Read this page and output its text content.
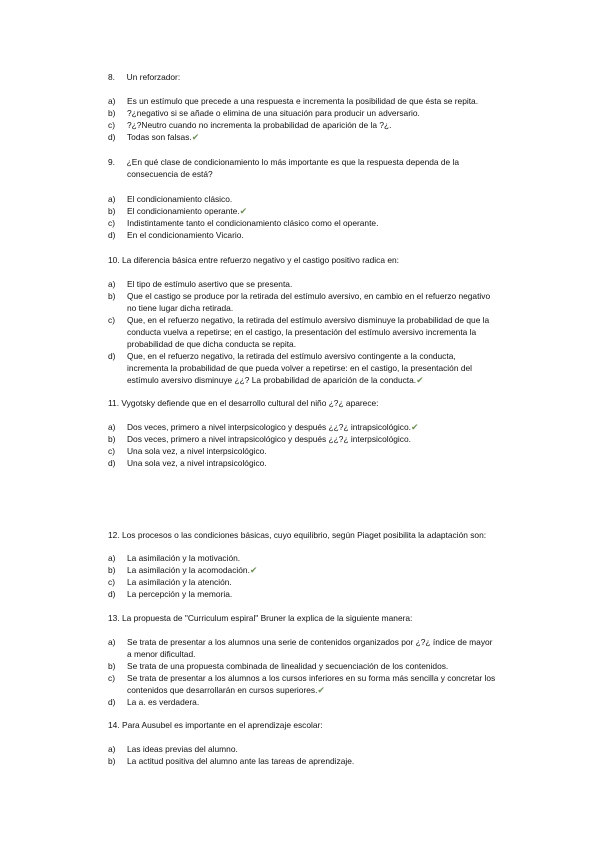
8. Un reforzador:
a) Es un estímulo que precede a una respuesta e incrementa la posibilidad de que ésta se repita.
b) ?¿negativo si se añade o elimina de una situación para producir un adversario.
c) ?¿?Neutro cuando no incrementa la probabilidad de aparición de la ?¿.
d) Todas son falsas.✔
9. ¿En qué clase de condicionamiento lo más importante es que la respuesta dependa de la
consecuencia de está?
a) El condicionamiento clásico.
b) El condicionamiento operante.✔
c) Indistintamente tanto el condicionamiento clásico como el operante.
d) En el condicionamiento Vicario.
10. La diferencia básica entre refuerzo negativo y el castigo positivo radica en:
a) El tipo de estímulo asertivo que se presenta.
b) Que el castigo se produce por la retirada del estímulo aversivo, en cambio en el refuerzo negativo
no tiene lugar dicha retirada.
c) Que, en el refuerzo negativo, la retirada del estímulo aversivo disminuye la probabilidad de que la
conducta vuelva a repetirse; en el castigo, la presentación del estímulo aversivo incrementa la
probabilidad de que dicha conducta se repita.
d) Que, en el refuerzo negativo, la retirada del estímulo aversivo contingente a la conducta,
incrementa la probabilidad de que pueda volver a repetirse: en el castigo, la presentación del
estímulo aversivo disminuye ¿¿? La probabilidad de aparición de la conducta.✔
11. Vygotsky defiende que en el desarrollo cultural del niño ¿?¿ aparece:
a) Dos veces, primero a nivel interpsicologico y después ¿¿?¿ intrapsicológico.✔
b) Dos veces, primero a nivel intrapsicológico y después ¿¿?¿ interpsicológico.
c) Una sola vez, a nivel interpsicológico.
d) Una sola vez, a nivel intrapsicológico.
12. Los procesos o las condiciones básicas, cuyo equilibrio, según Piaget posibilita la adaptación son:
a) La asimilación y la motivación.
b) La asimilación y la acomodación.✔
c) La asimilación y la atención.
d) La percepción y la memoria.
13. La propuesta de "Curriculum espiral" Bruner la explica de la siguiente manera:
a) Se trata de presentar a los alumnos una serie de contenidos organizados por ¿?¿ índice de mayor
a menor dificultad.
b) Se trata de una propuesta combinada de linealidad y secuenciación de los contenidos.
c) Se trata de presentar a los alumnos a los cursos inferiores en su forma más sencilla y concretar los
contenidos que desarrollarán en cursos superiores.✔
d) La a. es verdadera.
14. Para Ausubel es importante en el aprendizaje escolar:
a) Las ideas previas del alumno.
b) La actitud positiva del alumno ante las tareas de aprendizaje.
